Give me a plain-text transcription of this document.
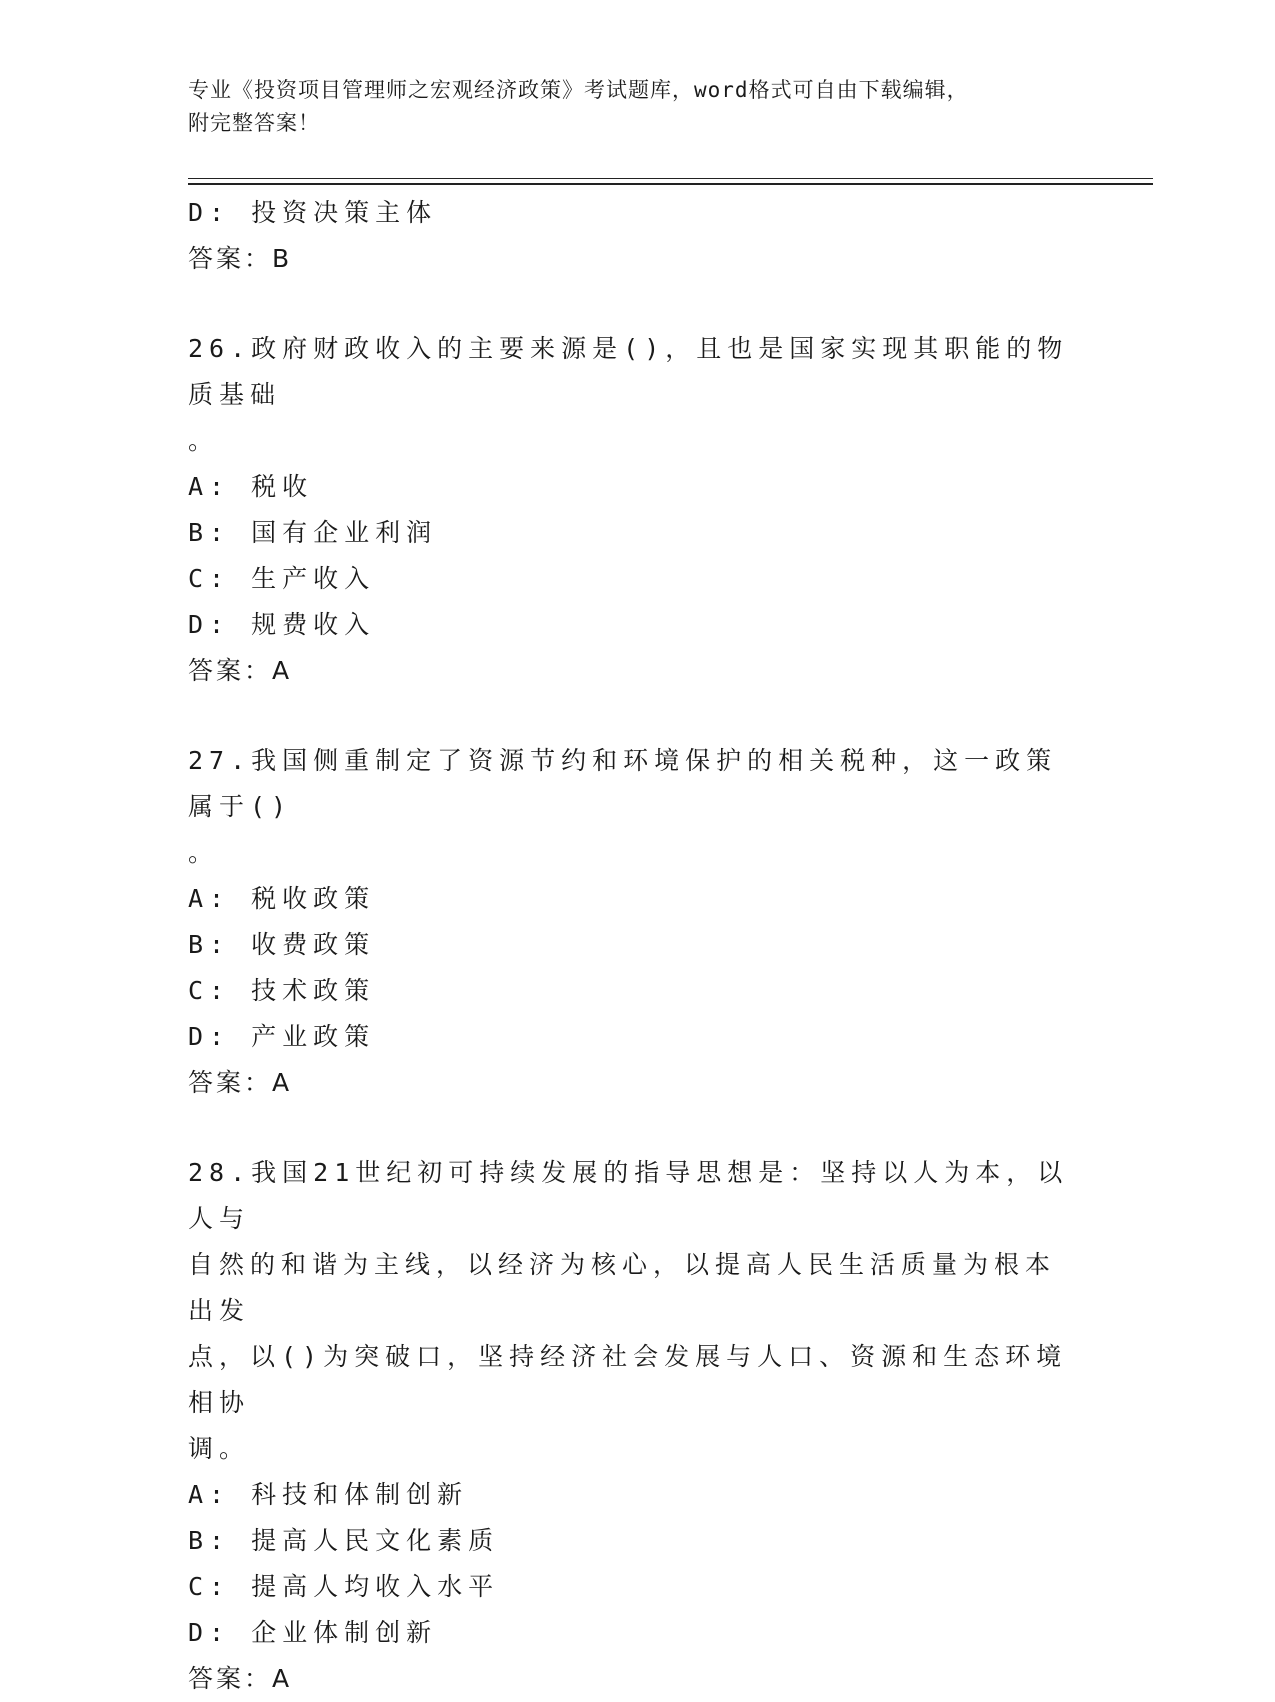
专业《投资项目管理师之宏观经济政策》考试题库，word格式可自由下载编辑，
附完整答案！
D: 投资决策主体
答案：B
26.政府财政收入的主要来源是()，且也是国家实现其职能的物质基础
。
A: 税收
B: 国有企业利润
C: 生产收入
D: 规费收入
答案：A
27.我国侧重制定了资源节约和环境保护的相关税种，这一政策属于()
。
A: 税收政策
B: 收费政策
C: 技术政策
D: 产业政策
答案：A
28.我国21世纪初可持续发展的指导思想是：坚持以人为本，以人与
自然的和谐为主线，以经济为核心，以提高人民生活质量为根本出发
点，以()为突破口，坚持经济社会发展与人口、资源和生态环境相协
调。
A: 科技和体制创新
B: 提高人民文化素质
C: 提高人均收入水平
D: 企业体制创新
答案：A
